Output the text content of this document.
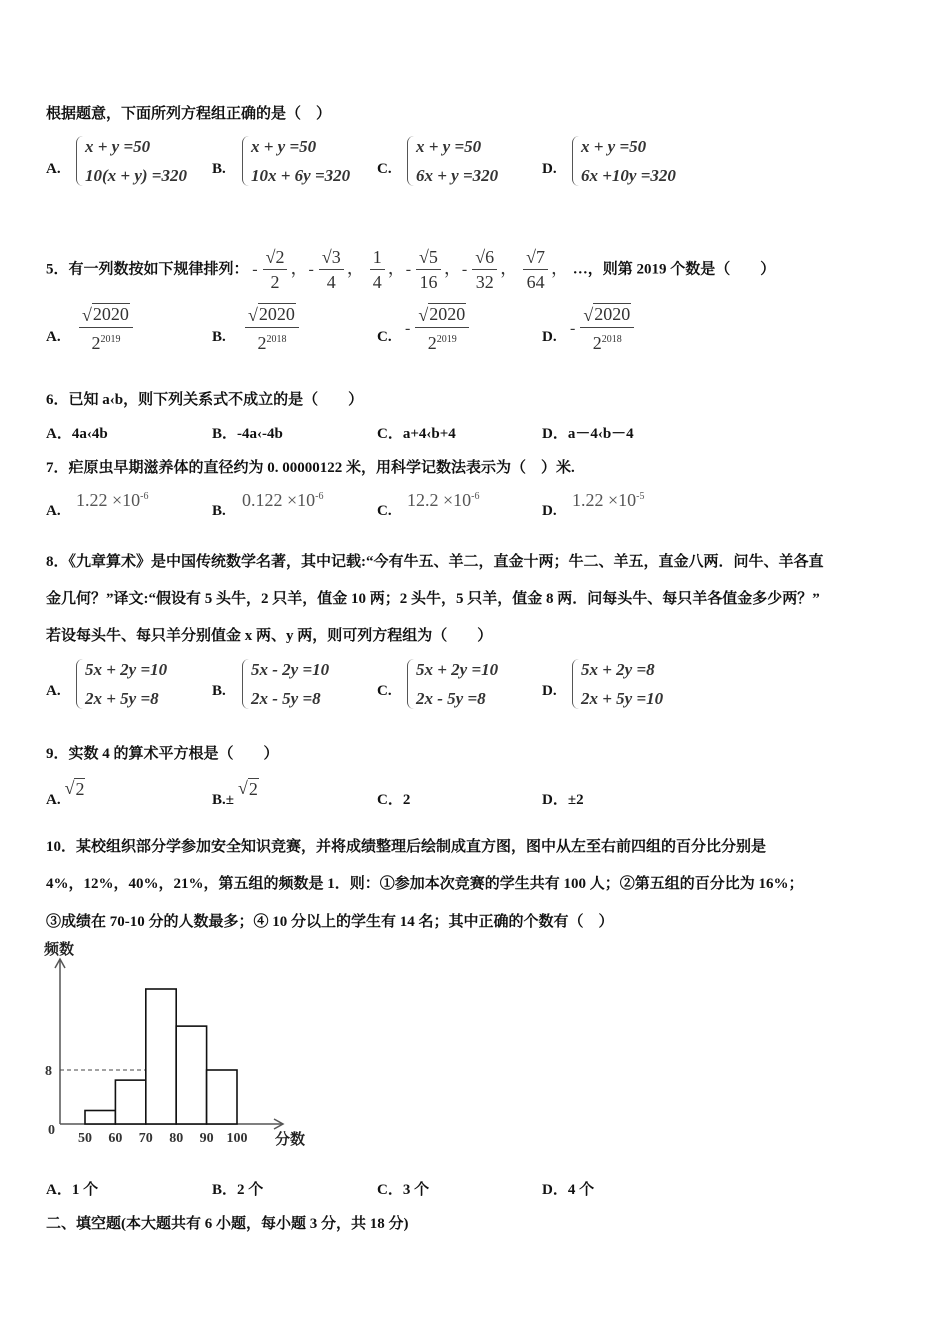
根据题意，下面所列方程组正确的是（　）
A.
x + y =50
10(x + y) =320 B.
x + y =50
10x + 6y =320 C.
x + y =50
6x + y =320	D.
x + y =50
6x +10y =320
5．有一列数按如下规律排列： - $\frac{√2}{2}$ ，- $\frac{√3}{4}$ ， $\frac{1}{4}$ ，- $\frac{√5}{16}$ ，- $\frac{√6}{32}$ ， $\frac{√7}{64}$ ， …，则第 2019 个数是（　　）
A. $\frac{√ 2020}{2^{2019}}$	B. $\frac{√ 2020}{2^{2018}}$	C. - $\frac{√ 2020}{2^{2019}}$	D. - $\frac{√ 2020}{2^{2018}}$
6．已知 a‹b，则下列关系式不成立的是（　　）
A．4a‹4b	B．-4a‹-4b	C．a+4‹b+4	D．a－4‹b－4
7．疟原虫早期滋养体的直径约为 0. 00000122 米，用科学记数法表示为（　）米.
A.
$1.22 \times 10^{-6}$
B.
$0.122 \times 10^{-6}$
C.
$12.2 \times 10^{-6}$
D.
$1.22 \times 10^{-5}$
8．《九章算术》是中国传统数学名著，其中记载:“今有牛五、羊二，直金十两；牛二、羊五，直金八两．问牛、羊各直
金几何？”译文:“假设有 5 头牛，2 只羊，值金 10 两；2 头牛，5 只羊，值金 8 两．问每头牛、每只羊各值金多少两？”
若设每头牛、每只羊分别值金 x 两、y 两，则可列方程组为（　　）
A.
5x + 2y =10
2x + 5y =8	B.
5x - 2y =10
2x - 5y =8	C.
5x + 2y =10
2x - 5y =8	D.
5x + 2y =8
2x + 5y =10
9．实数 4 的算术平方根是（　　）
A.
√ 2
B.±
√ 2
C．2	D．±2
10．某校组织部分学参加安全知识竞赛，并将成绩整理后绘制成直方图，图中从左至右前四组的百分比分别是
4%，12%，40%，21%，第五组的频数是 1．则：①参加本次竞赛的学生共有 100 人；②第五组的百分比为 16%；
③成绩在 70-10 分的人数最多；④ 10 分以上的学生有 14 名；其中正确的个数有（　）
频数
分数
50 60 70 80 90 100
0
8
A．1 个	B．2 个	C．3 个	D．4 个
二、填空题(本大题共有 6 小题，每小题 3 分，共 18 分)
